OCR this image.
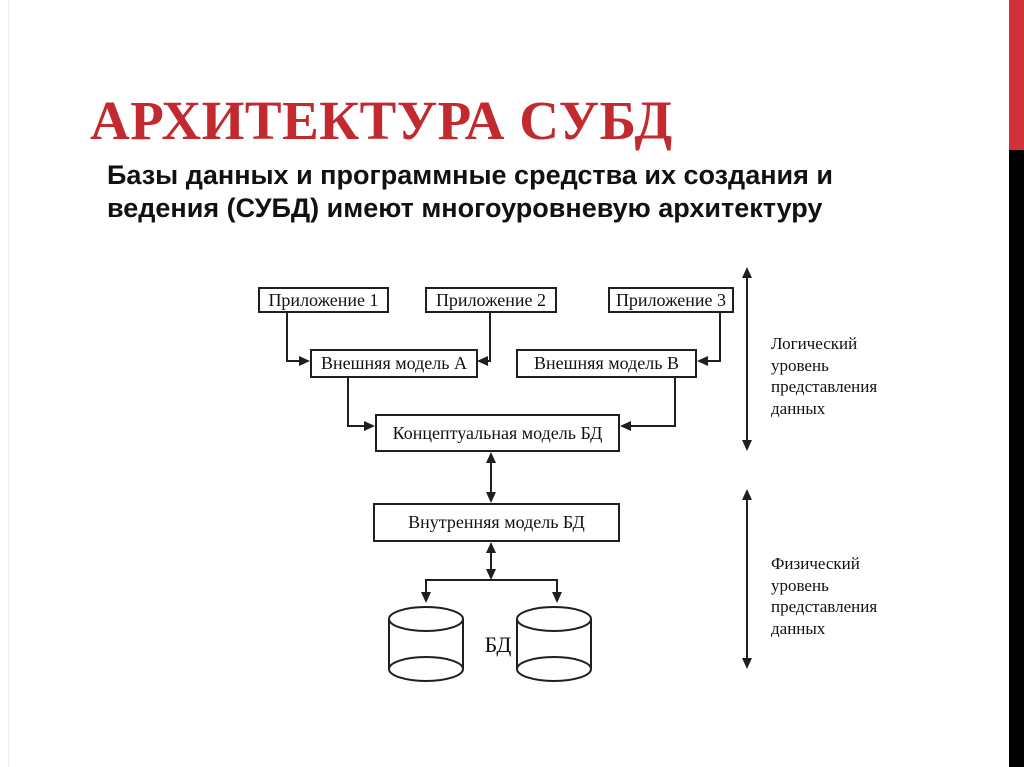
АРХИТЕКТУРА СУБД
Базы данных и программные средства их создания и
ведения (СУБД) имеют многоуровневую архитектуру
Приложение 1	Приложение 2	Приложение 3
Внешняя модель А	Внешняя модель В
Концептуальная модель БД
Внутренняя модель БД
БД
Логический
уровень
представления
данных
Физический
уровень
представления
данных
